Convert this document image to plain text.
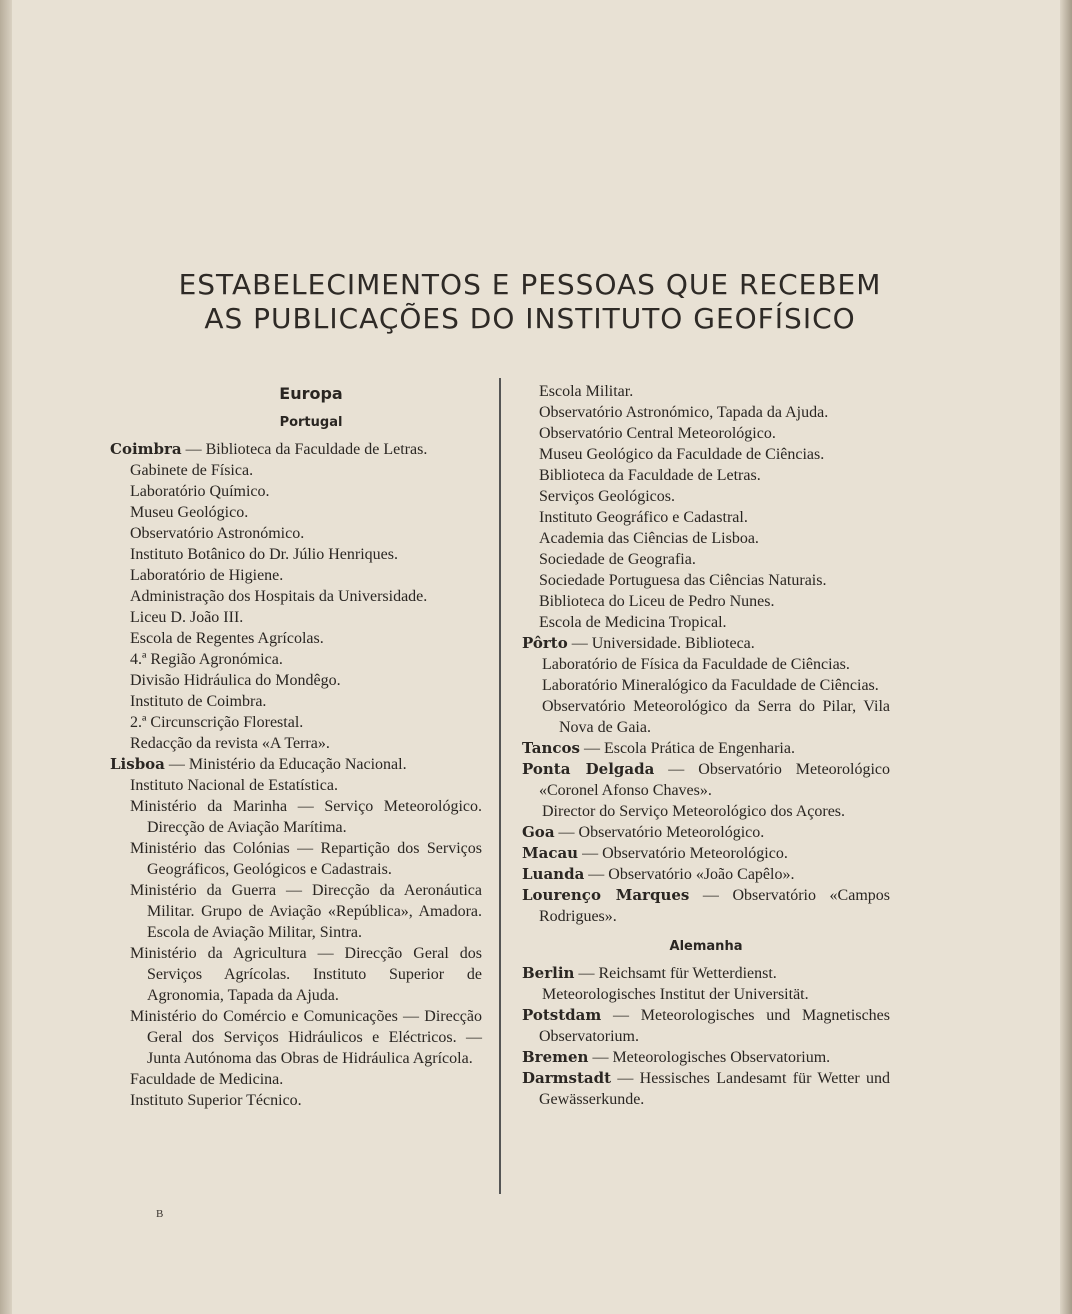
ESTABELECIMENTOS E PESSOAS QUE RECEBEM
AS PUBLICAÇÕES DO INSTITUTO GEOFÍSICO
Europa
Portugal
Coimbra — Biblioteca da Faculdade de Letras.
Gabinete de Física.
Laboratório Químico.
Museu Geológico.
Observatório Astronómico.
Instituto Botânico do Dr. Júlio Henriques.
Laboratório de Higiene.
Administração dos Hospitais da Universidade.
Liceu D. João III.
Escola de Regentes Agrícolas.
4.ª Região Agronómica.
Divisão Hidráulica do Mondêgo.
Instituto de Coimbra.
2.ª Circunscrição Florestal.
Redacção da revista «A Terra».
Lisboa — Ministério da Educação Nacional.
Instituto Nacional de Estatística.
Ministério da Marinha — Serviço Meteorológico. Direcção de Aviação Marítima.
Ministério das Colónias — Repartição dos Serviços Geográficos, Geológicos e Cadastrais.
Ministério da Guerra — Direcção da Aeronáutica Militar. Grupo de Aviação «República», Amadora. Escola de Aviação Militar, Sintra.
Ministério da Agricultura — Direcção Geral dos Serviços Agrícolas. Instituto Superior de Agronomia, Tapada da Ajuda.
Ministério do Comércio e Comunicações — Direcção Geral dos Serviços Hidráulicos e Eléctricos. — Junta Autónoma das Obras de Hidráulica Agrícola.
Faculdade de Medicina.
Instituto Superior Técnico.
Escola Militar.
Observatório Astronómico, Tapada da Ajuda.
Observatório Central Meteorológico.
Museu Geológico da Faculdade de Ciências.
Biblioteca da Faculdade de Letras.
Serviços Geológicos.
Instituto Geográfico e Cadastral.
Academia das Ciências de Lisboa.
Sociedade de Geografia.
Sociedade Portuguesa das Ciências Naturais.
Biblioteca do Liceu de Pedro Nunes.
Escola de Medicina Tropical.
Pôrto — Universidade. Biblioteca.
Laboratório de Física da Faculdade de Ciências.
Laboratório Mineralógico da Faculdade de Ciências.
Observatório Meteorológico da Serra do Pilar, Vila Nova de Gaia.
Tancos — Escola Prática de Engenharia.
Ponta Delgada — Observatório Meteorológico «Coronel Afonso Chaves».
Director do Serviço Meteorológico dos Açores.
Goa — Observatório Meteorológico.
Macau — Observatório Meteorológico.
Luanda — Observatório «João Capêlo».
Lourenço Marques — Observatório «Campos Rodrigues».
Alemanha
Berlin — Reichsamt für Wetterdienst.
Meteorologisches Institut der Universität.
Potstdam — Meteorologisches und Magnetisches Observatorium.
Bremen — Meteorologisches Observatorium.
Darmstadt — Hessisches Landesamt für Wetter und Gewässerkunde.
B
